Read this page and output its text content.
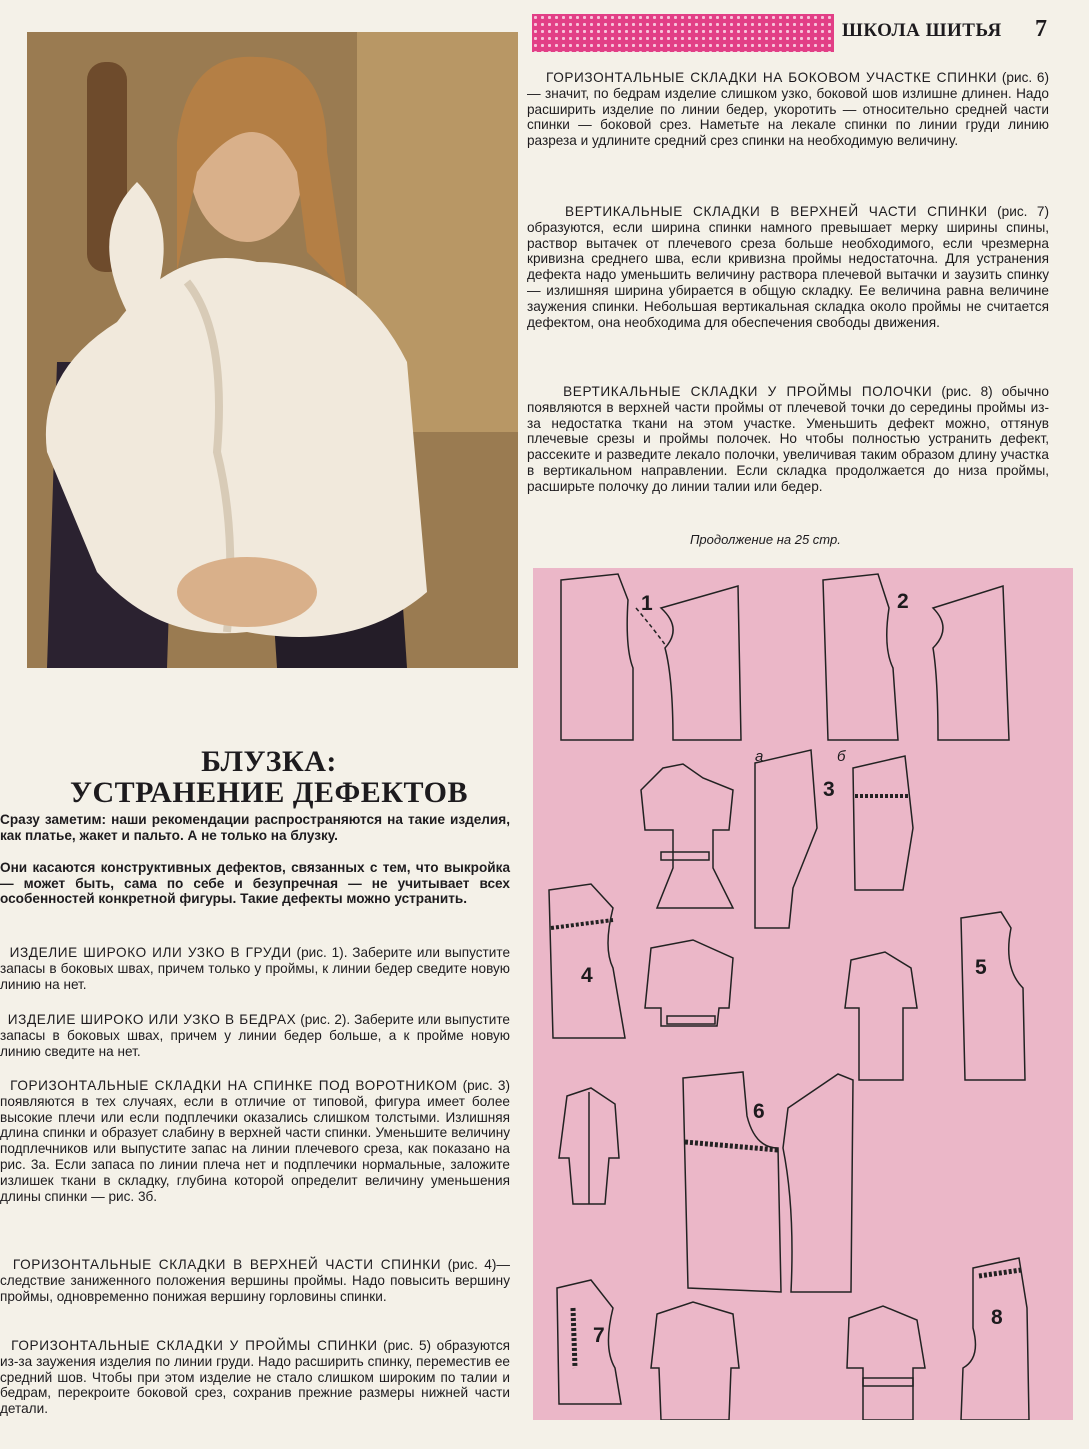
ШКОЛА ШИТЬЯ	7
ГОРИЗОНТАЛЬНЫЕ СКЛАДКИ НА БОКОВОМ УЧАСТКЕ СПИНКИ (рис. 6) — значит, по бедрам изделие слишком узко, боковой шов излишне длинен. Надо расширить изделие по линии бедер, укоротить — относительно средней части спинки — боковой срез. Наметьте на лекале спинки по линии груди линию разреза и удлините средний срез спинки на необходимую величину.
ВЕРТИКАЛЬНЫЕ СКЛАДКИ В ВЕРХНЕЙ ЧАСТИ СПИНКИ (рис. 7) образуются, если ширина спинки намного превышает мерку ширины спины, раствор вытачек от плечевого среза больше необходимого, если чрезмерна кривизна среднего шва, если кривизна проймы недостаточна. Для устранения дефекта надо уменьшить величину раствора плечевой вытачки и заузить спинку — излишняя ширина убирается в общую складку. Ее величина равна величине заужения спинки. Небольшая вертикальная складка около проймы не считается дефектом, она необходима для обеспечения свободы движения.
ВЕРТИКАЛЬНЫЕ СКЛАДКИ У ПРОЙМЫ ПОЛОЧКИ (рис. 8) обычно появляются в верхней части проймы от плечевой точки до середины проймы из-за недостатка ткани на этом участке. Уменьшить дефект можно, оттянув плечевые срезы и проймы полочек. Но чтобы полностью устранить дефект, рассеките и разведите лекало полочки, увеличивая таким образом длину участка в вертикальном направлении. Если складка продолжается до низа проймы, расширьте полочку до линии талии или бедер.
Продолжение на 25 стр.
БЛУЗКА:
УСТРАНЕНИЕ ДЕФЕКТОВ
Сразу заметим: наши рекомендации распространяются на такие изделия, как платье, жакет и пальто. А не только на блузку.
Они касаются конструктивных дефектов, связанных с тем, что выкройка — может быть, сама по себе и безупречная — не учитывает всех особенностей конкретной фигуры. Такие дефекты можно устранить.
ИЗДЕЛИЕ ШИРОКО ИЛИ УЗКО В ГРУДИ (рис. 1). Заберите или выпустите запасы в боковых швах, причем только у проймы, к линии бедер сведите новую линию на нет.
ИЗДЕЛИЕ ШИРОКО ИЛИ УЗКО В БЕДРАХ (рис. 2). Заберите или выпустите запасы в боковых швах, причем у линии бедер больше, а к пройме новую линию сведите на нет.
ГОРИЗОНТАЛЬНЫЕ СКЛАДКИ НА СПИНКЕ ПОД ВОРОТНИКОМ (рис. 3) появляются в тех случаях, если в отличие от типовой, фигура имеет более высокие плечи или если подплечики оказались слишком толстыми. Излишняя длина спинки и образует слабину в верхней части спинки. Уменьшите величину подплечников или выпустите запас на линии плечевого среза, как показано на рис. 3а. Если запаса по линии плеча нет и подплечики нормальные, заложите излишек ткани в складку, глубина которой определит величину уменьшения длины спинки — рис. 3б.
ГОРИЗОНТАЛЬНЫЕ СКЛАДКИ В ВЕРХНЕЙ ЧАСТИ СПИНКИ (рис. 4)— следствие заниженного положения вершины проймы. Надо повысить вершину проймы, одновременно понижая вершину горловины спинки.
ГОРИЗОНТАЛЬНЫЕ СКЛАДКИ У ПРОЙМЫ СПИНКИ (рис. 5) образуются из-за заужения изделия по линии груди. Надо расширить спинку, переместив ее средний шов. Чтобы при этом изделие не стало слишком широким по талии и бедрам, перекроите боковой срез, сохранив прежние размеры нижней части детали.
1	2
а
3
б
4	5
6
7
8
